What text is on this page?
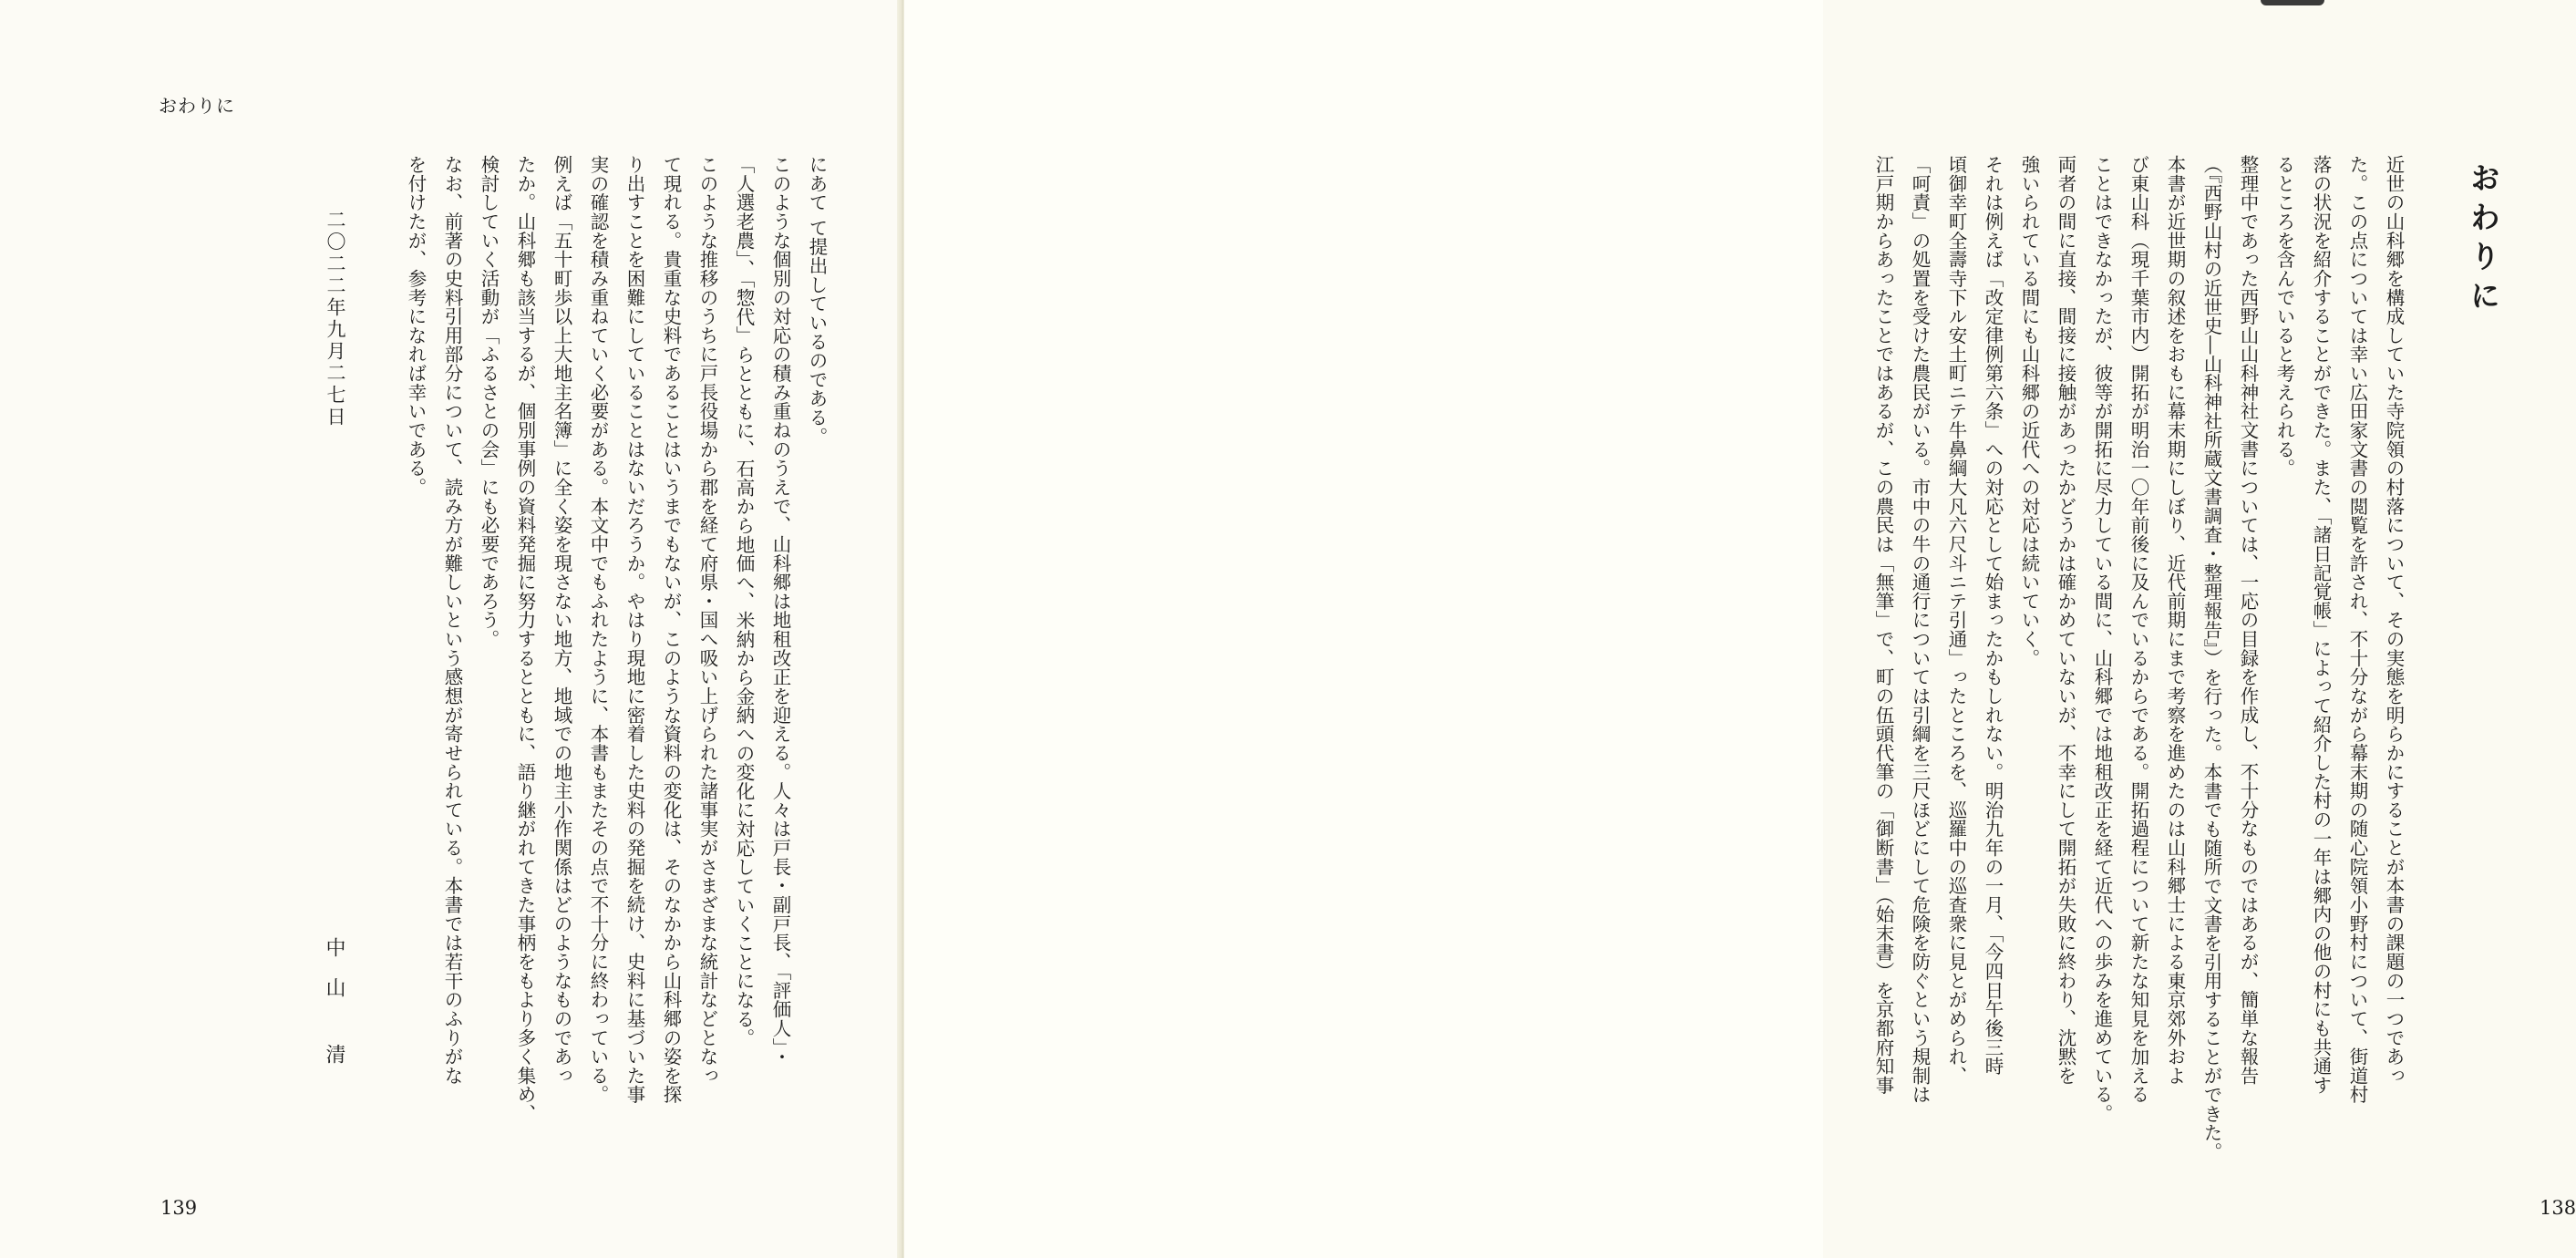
おわりに
にあて て提出しているのである。
このような個別の対応の積み重ねのうえで、山科郷は地租改正を迎える。人々は戸長・副戸長、「評価人」・
「人選老農」、「惣代」らとともに、石高から地価へ、米納から金納への変化に対応していくことになる。
このような推移のうちに戸長役場から郡を経て府県・国へ吸い上げられた諸事実がさまざまな統計などとなっ
て現れる。貴重な史料であることはいうまでもないが、このような資料の変化は、そのなかから山科郷の姿を探
り出すことを困難にしていることはないだろうか。やはり現地に密着した史料の発掘を続け、史料に基づいた事
実の確認を積み重ねていく必要がある。本文中でもふれたように、本書もまたその点で不十分に終わっている。
例えば「五十町歩以上大地主名簿」に全く姿を現さない地方、地域での地主小作関係はどのようなものであっ
たか。山科郷も該当するが、個別事例の資料発掘に努力するとともに、語り継がれてきた事柄をもより多く集め、
検討していく活動が「ふるさとの会」にも必要であろう。
なお、前著の史料引用部分について、読み方が難しいという感想が寄せられている。本書では若干のふりがな
を付けたが、参考になれば幸いである。
二〇二二年九月二七日
中山 清
139
おわりに
近世の山科郷を構成していた寺院領の村落について、その実態を明らかにすることが本書の課題の一つであっ
た。この点については幸い広田家文書の閲覧を許され、不十分ながら幕末期の随心院領小野村について、街道村
落の状況を紹介することができた。また、「諸日記覚帳」によって紹介した村の一年は郷内の他の村にも共通す
るところを含んでいると考えられる。
整理中であった西野山山科神社文書については、一応の目録を作成し、不十分なものではあるが、簡単な報告
（『西野山村の近世史―山科神社所蔵文書調査・整理報告』）を行った。本書でも随所で文書を引用することができた。
本書が近世期の叙述をおもに幕末期にしぼり、近代前期にまで考察を進めたのは山科郷士による東京郊外およ
び東山科（現千葉市内）開拓が明治一〇年前後に及んでいるからである。開拓過程について新たな知見を加える
ことはできなかったが、彼等が開拓に尽力している間に、山科郷では地租改正を経て近代への歩みを進めている。
両者の間に直接、間接に接触があったかどうかは確かめていないが、不幸にして開拓が失敗に終わり、沈黙を
強いられている間にも山科郷の近代への対応は続いていく。
それは例えば「改定律例第六条」への対応として始まったかもしれない。明治九年の一月、「今四日午後三時
頃御幸町全壽寺下ル安土町ニテ牛鼻綱大凡六尺斗ニテ引通」ったところを、巡羅中の巡査衆に見とがめられ、
「呵責」の処置を受けた農民がいる。市中の牛の通行については引綱を三尺ほどにして危険を防ぐという規制は
江戸期からあったことではあるが、この農民は「無筆」で、町の伍頭代筆の「御断書」（始末書）を京都府知事
138
